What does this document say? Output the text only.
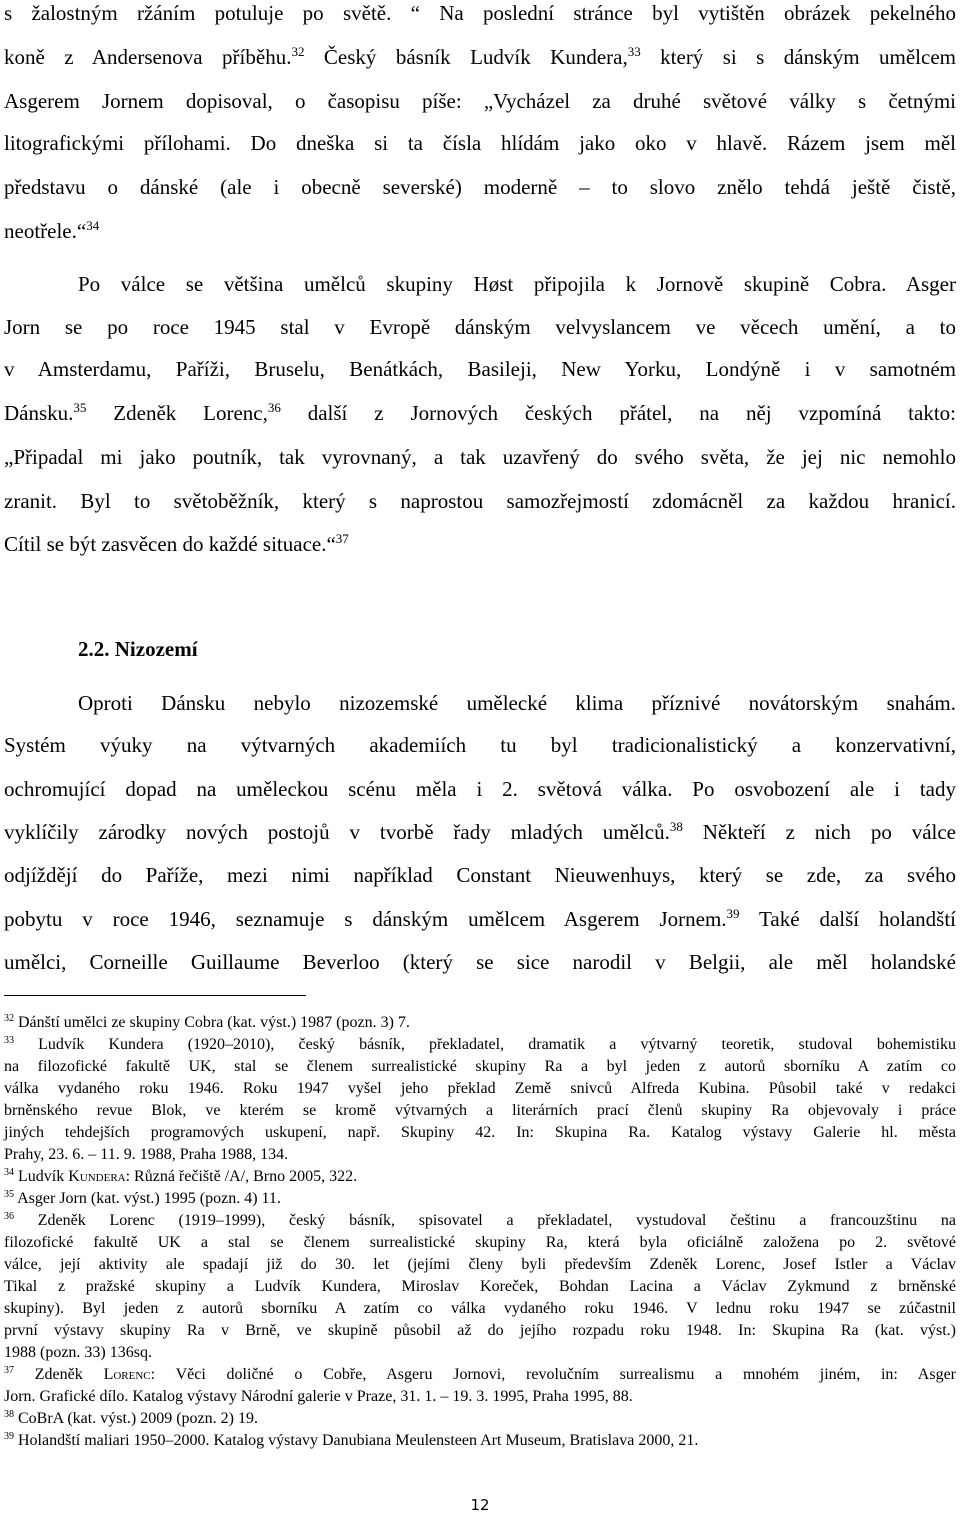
s žalostným ržáním potuluje po světě. “ Na poslední stránce byl vytištěn obrázek pekelného
koně z Andersenova příběhu.$^{32}$ Český básník Ludvík Kundera,$^{33}$ který si s dánským umělcem
Asgerem Jornem dopisoval, o časopisu píše: „Vycházel za druhé světové války s četnými
litografickými přílohami. Do dneška si ta čísla hlídám jako oko v hlavě. Rázem jsem měl
představu o dánské (ale i obecně severské) moderně – to slovo znělo tehdá ještě čistě,
neotřele.“$^{34}$
Po válce se většina umělců skupiny Høst připojila k Jornově skupině Cobra. Asger
Jorn se po roce 1945 stal v Evropě dánským velvyslancem ve věcech umění, a to
v Amsterdamu, Paříži, Bruselu, Benátkách, Basileji, New Yorku, Londýně i v samotném
Dánsku.$^{35}$ Zdeněk Lorenc,$^{36}$ další z Jornových českých přátel, na něj vzpomíná takto:
„Připadal mi jako poutník, tak vyrovnaný, a tak uzavřený do svého světa, že jej nic nemohlo
zranit. Byl to světoběžník, který s naprostou samozřejmostí zdomácněl za každou hranicí.
Cítil se být zasvěcen do každé situace.“$^{37}$
2.2. Nizozemí
Oproti Dánsku nebylo nizozemské umělecké klima příznivé novátorským snahám.
Systém výuky na výtvarných akademiích tu byl tradicionalistický a konzervativní,
ochromující dopad na uměleckou scénu měla i 2. světová válka. Po osvobození ale i tady
vyklíčily zárodky nových postojů v tvorbě řady mladých umělců.$^{38}$ Někteří z nich po válce
odjíždějí do Paříže, mezi nimi například Constant Nieuwenhuys, který se zde, za svého
pobytu v roce 1946, seznamuje s dánským umělcem Asgerem Jornem.$^{39}$ Také další holandští
umělci, Corneille Guillaume Beverloo (který se sice narodil v Belgii, ale měl holandské
$^{32}$ Dánští umělci ze skupiny Cobra (kat. výst.) 1987 (pozn. 3) 7.
$^{33}$ Ludvík Kundera (1920–2010), český básník, překladatel, dramatik a výtvarný teoretik, studoval bohemistiku
na filozofické fakultě UK, stal se členem surrealistické skupiny Ra a byl jeden z autorů sborníku A zatím co
válka vydaného roku 1946. Roku 1947 vyšel jeho překlad Země snivců Alfreda Kubina. Působil také v redakci
brněnského revue Blok, ve kterém se kromě výtvarných a literárních prací členů skupiny Ra objevovaly i práce
jiných tehdejších programových uskupení, např. Skupiny 42. In: Skupina Ra. Katalog výstavy Galerie hl. města
Prahy, 23. 6. – 11. 9. 1988, Praha 1988, 134.
$^{34}$ Ludvík Kundera: Různá řečiště /A/, Brno 2005, 322.
$^{35}$ Asger Jorn (kat. výst.) 1995 (pozn. 4) 11.
$^{36}$ Zdeněk Lorenc (1919–1999), český básník, spisovatel a překladatel, vystudoval češtinu a francouzštinu na
filozofické fakultě UK a stal se členem surrealistické skupiny Ra, která byla oficiálně založena po 2. světové
válce, její aktivity ale spadají již do 30. let (jejími členy byli především Zdeněk Lorenc, Josef Istler a Václav
Tikal z pražské skupiny a Ludvík Kundera, Miroslav Koreček, Bohdan Lacina a Václav Zykmund z brněnské
skupiny). Byl jeden z autorů sborníku A zatím co válka vydaného roku 1946. V lednu roku 1947 se zúčastnil
první výstavy skupiny Ra v Brně, ve skupině působil až do jejího rozpadu roku 1948. In: Skupina Ra (kat. výst.)
1988 (pozn. 33) 136sq.
$^{37}$ Zdeněk Lorenc: Věci doličné o Cobře, Asgeru Jornovi, revolučním surrealismu a mnohém jiném, in: Asger
Jorn. Grafické dílo. Katalog výstavy Národní galerie v Praze, 31. 1. – 19. 3. 1995, Praha 1995, 88.
$^{38}$ CoBrA (kat. výst.) 2009 (pozn. 2) 19.
$^{39}$ Holandští maliari 1950–2000. Katalog výstavy Danubiana Meulensteen Art Museum, Bratislava 2000, 21.
12
